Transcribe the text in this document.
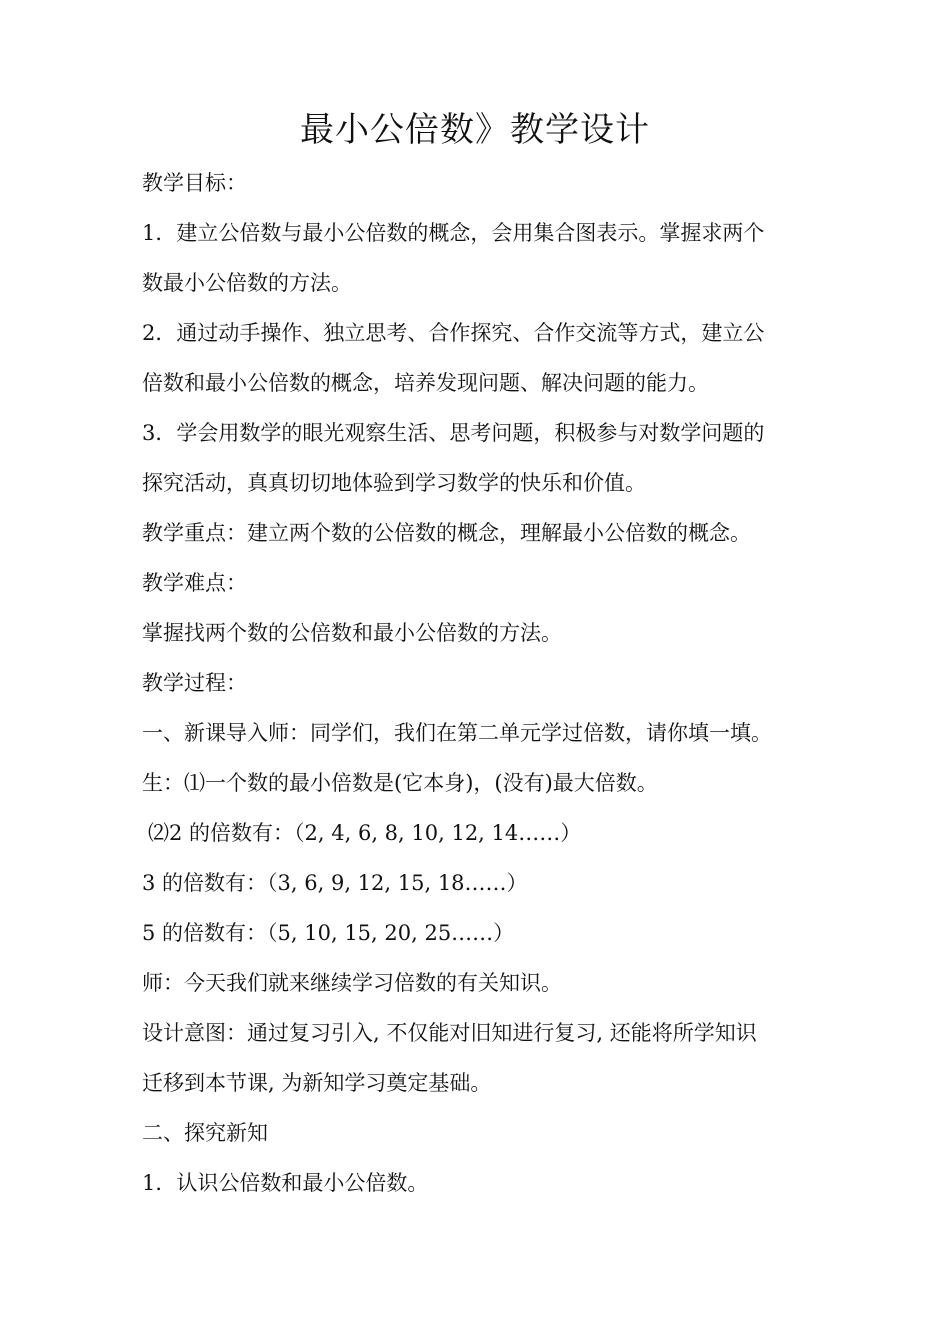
最小公倍数》教学设计
教学目标：
1．建立公倍数与最小公倍数的概念，会用集合图表示。掌握求两个
数最小公倍数的方法。
2．通过动手操作、独立思考、合作探究、合作交流等方式，建立公
倍数和最小公倍数的概念，培养发现问题、解决问题的能力。
3．学会用数学的眼光观察生活、思考问题，积极参与对数学问题的
探究活动，真真切切地体验到学习数学的快乐和价值。
教学重点：建立两个数的公倍数的概念，理解最小公倍数的概念。
教学难点：
掌握找两个数的公倍数和最小公倍数的方法。
教学过程：
一、新课导入师：同学们，我们在第二单元学过倍数，请你填一填。
生：⑴一个数的最小倍数是(它本身)，(没有)最大倍数。
⑵2 的倍数有：（2, 4, 6, 8, 10, 12, 14……）
3 的倍数有：（3, 6, 9, 12, 15, 18……）
5 的倍数有：（5, 10, 15, 20, 25……）
师：今天我们就来继续学习倍数的有关知识。
设计意图：通过复习引入, 不仅能对旧知进行复习, 还能将所学知识
迁移到本节课, 为新知学习奠定基础。
二、探究新知
1．认识公倍数和最小公倍数。
